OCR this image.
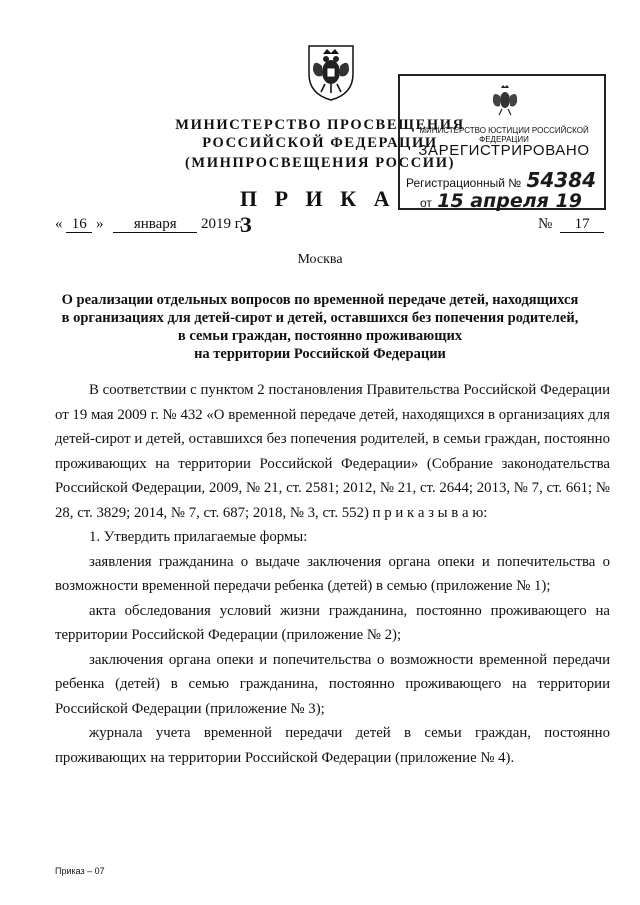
МИНИСТЕРСТВО ПРОСВЕЩЕНИЯ
РОССИЙСКОЙ ФЕДЕРАЦИИ
(МИНПРОСВЕЩЕНИЯ РОССИИ)
МИНИСТЕРСТВО ЮСТИЦИИ РОССИЙСКОЙ ФЕДЕРАЦИИ
ЗАРЕГИСТРИРОВАНО
Регистрационный № 54384
от 15 апреля 19
П Р И К А З
« 16 » января 2019 г.	№ 17
Москва
О реализации отдельных вопросов по временной передаче детей, находящихся
в организациях для детей-сирот и детей, оставшихся без попечения родителей,
в семьи граждан, постоянно проживающих
на территории Российской Федерации

В соответствии с пунктом 2 постановления Правительства Российской Федерации от 19 мая 2009 г. № 432 «О временной передаче детей, находящихся в организациях для детей-сирот и детей, оставшихся без попечения родителей, в семьи граждан, постоянно проживающих на территории Российской Федерации» (Собрание законодательства Российской Федерации, 2009, № 21, ст. 2581; 2012, № 21, ст. 2644; 2013, № 7, ст. 661; № 28, ст. 3829; 2014, № 7, ст. 687; 2018, № 3, ст. 552) п р и к а з ы в а ю:

1. Утвердить прилагаемые формы:

заявления гражданина о выдаче заключения органа опеки и попечительства о возможности временной передачи ребенка (детей) в семью (приложение № 1);

акта обследования условий жизни гражданина, постоянно проживающего на территории Российской Федерации (приложение № 2);

заключения органа опеки и попечительства о возможности временной передачи ребенка (детей) в семью гражданина, постоянно проживающего на территории Российской Федерации (приложение № 3);

журнала учета временной передачи детей в семьи граждан, постоянно проживающих на территории Российской Федерации (приложение № 4).

Приказ – 07
